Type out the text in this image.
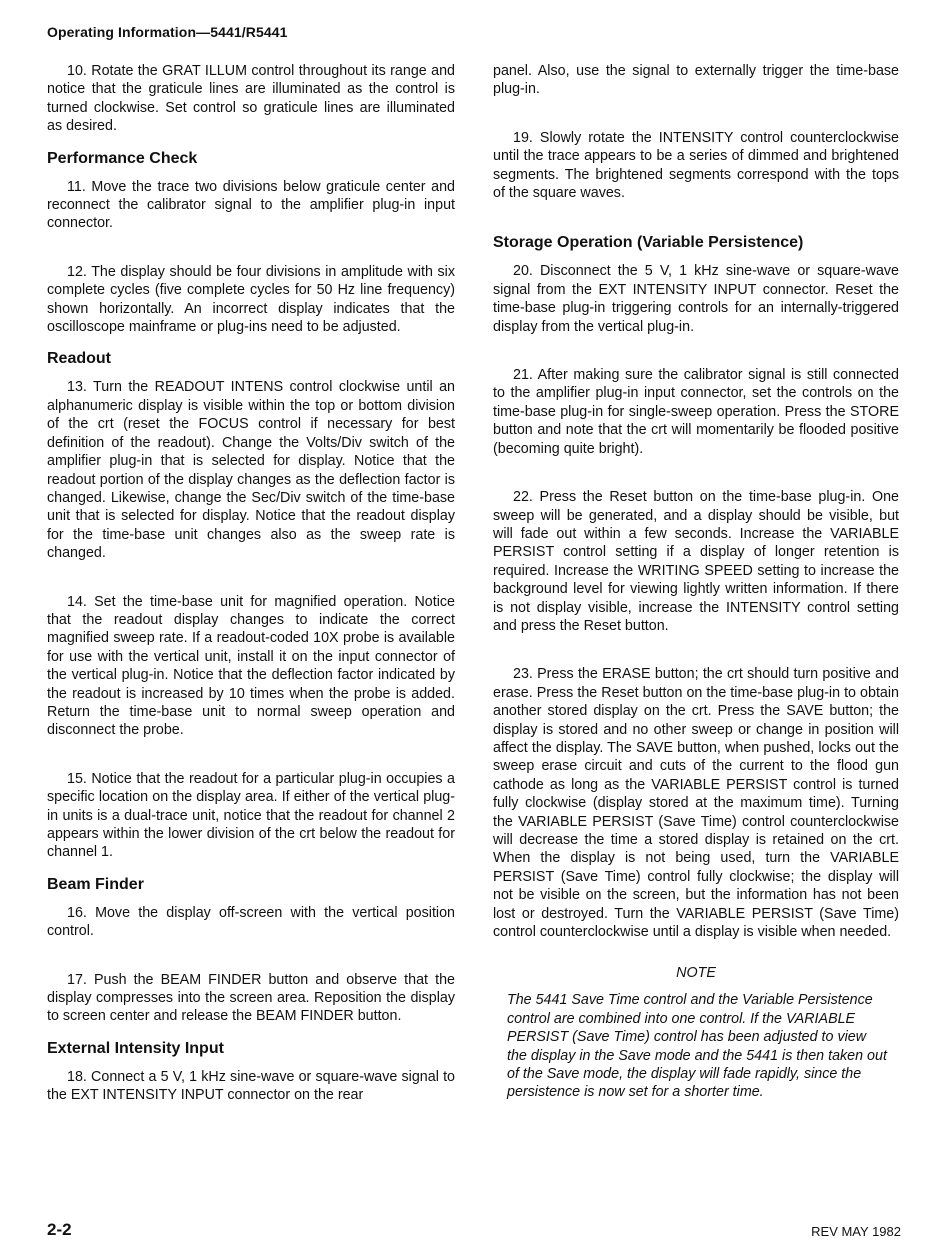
Operating Information—5441/R5441

10. Rotate the GRAT ILLUM control throughout its range and notice that the graticule lines are illuminated as the control is turned clockwise. Set control so graticule lines are illuminated as desired.

Performance Check

11. Move the trace two divisions below graticule center and reconnect the calibrator signal to the amplifier plug-in input connector.

12. The display should be four divisions in amplitude with six complete cycles (five complete cycles for 50 Hz line frequency) shown horizontally. An incorrect display indicates that the oscilloscope mainframe or plug-ins need to be adjusted.

Readout

13. Turn the READOUT INTENS control clockwise until an alphanumeric display is visible within the top or bottom division of the crt (reset the FOCUS control if necessary for best definition of the readout). Change the Volts/Div switch of the amplifier plug-in that is selected for display. Notice that the readout portion of the display changes as the deflection factor is changed. Likewise, change the Sec/Div switch of the time-base unit that is selected for display. Notice that the readout display for the time-base unit changes also as the sweep rate is changed.

14. Set the time-base unit for magnified operation. Notice that the readout display changes to indicate the correct magnified sweep rate. If a readout-coded 10X probe is available for use with the vertical unit, install it on the input connector of the vertical plug-in. Notice that the deflection factor indicated by the readout is increased by 10 times when the probe is added. Return the time-base unit to normal sweep operation and disconnect the probe.

15. Notice that the readout for a particular plug-in occupies a specific location on the display area. If either of the vertical plug-in units is a dual-trace unit, notice that the readout for channel 2 appears within the lower division of the crt below the readout for channel 1.

Beam Finder

16. Move the display off-screen with the vertical position control.

17. Push the BEAM FINDER button and observe that the display compresses into the screen area. Reposition the display to screen center and release the BEAM FINDER button.

External Intensity Input

18. Connect a 5 V, 1 kHz sine-wave or square-wave signal to the EXT INTENSITY INPUT connector on the rear

panel. Also, use the signal to externally trigger the time-base plug-in.

19. Slowly rotate the INTENSITY control counterclockwise until the trace appears to be a series of dimmed and brightened segments. The brightened segments correspond with the tops of the square waves.

Storage Operation (Variable Persistence)

20. Disconnect the 5 V, 1 kHz sine-wave or square-wave signal from the EXT INTENSITY INPUT connector. Reset the time-base plug-in triggering controls for an internally-triggered display from the vertical plug-in.

21. After making sure the calibrator signal is still connected to the amplifier plug-in input connector, set the controls on the time-base plug-in for single-sweep operation. Press the STORE button and note that the crt will momentarily be flooded positive (becoming quite bright).

22. Press the Reset button on the time-base plug-in. One sweep will be generated, and a display should be visible, but will fade out within a few seconds. Increase the VARIABLE PERSIST control setting if a display of longer retention is required. Increase the WRITING SPEED setting to increase the background level for viewing lightly written information. If there is not display visible, increase the INTENSITY control setting and press the Reset button.

23. Press the ERASE button; the crt should turn positive and erase. Press the Reset button on the time-base plug-in to obtain another stored display on the crt. Press the SAVE button; the display is stored and no other sweep or change in position will affect the display. The SAVE button, when pushed, locks out the sweep erase circuit and cuts of the current to the flood gun cathode as long as the VARIABLE PERSIST control is turned fully clockwise (display stored at the maximum time). Turning the VARIABLE PERSIST (Save Time) control counterclockwise will decrease the time a stored display is retained on the crt. When the display is not being used, turn the VARIABLE PERSIST (Save Time) control fully clockwise; the display will not be visible on the screen, but the information has not been lost or destroyed. Turn the VARIABLE PERSIST (Save Time) control counterclockwise until a display is visible when needed.

NOTE

The 5441 Save Time control and the Variable Persistence control are combined into one control. If the VARIABLE PERSIST (Save Time) control has been adjusted to view the display in the Save mode and the 5441 is then taken out of the Save mode, the display will fade rapidly, since the persistence is now set for a shorter time.

2-2	REV MAY 1982
